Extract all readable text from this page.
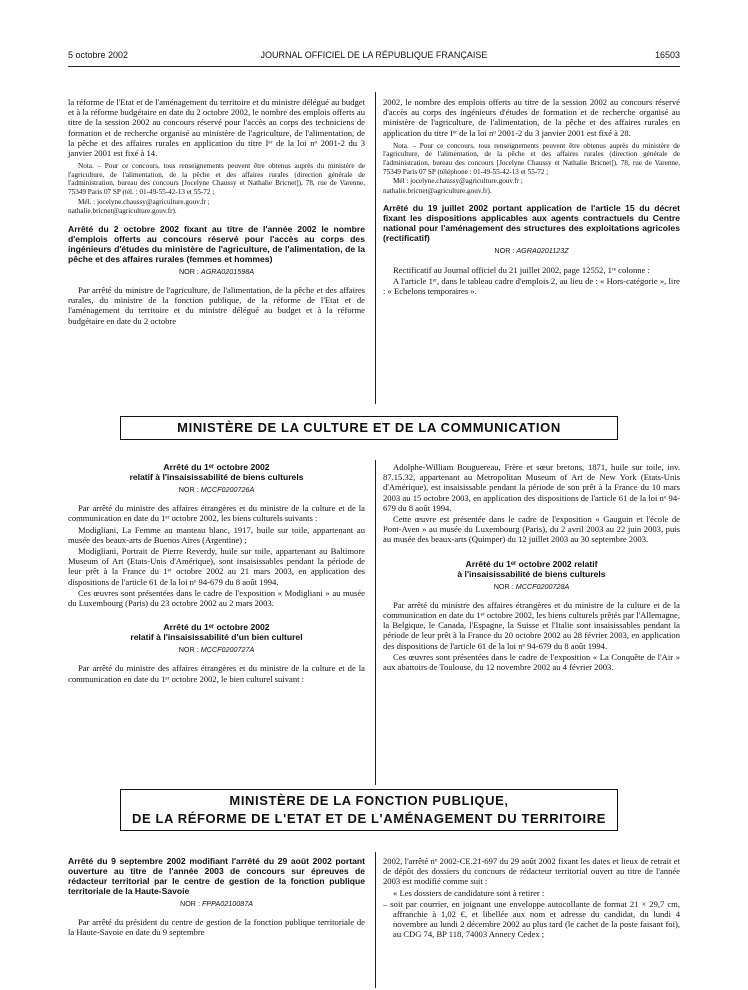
5 octobre 2002	JOURNAL OFFICIEL DE LA RÉPUBLIQUE FRANÇAISE	16503

la réforme de l'Etat et de l'aménagement du territoire et du ministre délégué au budget et à la réforme budgétaire en date du 2 octobre 2002, le nombre des emplois offerts au titre de la session 2002 au concours réservé pour l'accès au corps des techniciens de formation et de recherche organisé au ministère de l'agriculture, de l'alimentation, de la pêche et des affaires rurales en application du titre Iᵉʳ de la loi nᵒ 2001-2 du 3 janvier 2001 est fixé à 14.

Nota. – Pour ce concours, tous renseignements peuvent être obtenus auprès du ministère de l'agriculture, de l'alimentation, de la pêche et des affaires rurales (direction générale de l'administration, bureau des concours [Jocelyne Chaussy et Nathalie Bricnet]), 78, rue de Varenne, 75349 Paris 07 SP (tél. : 01-49-55-42-13 et 55-72 ;

Mél. : jocelyne.chaussy@agriculture.gouv.fr ;

nathalie.bricnet@agriculture.gouv.fr).

Arrêté du 2 octobre 2002 fixant au titre de l'année 2002 le nombre d'emplois offerts au concours réservé pour l'accès au corps des ingénieurs d'études du ministère de l'agriculture, de l'alimentation, de la pêche et des affaires rurales (femmes et hommes)
NOR : AGRA0201598A

Par arrêté du ministre de l'agriculture, de l'alimentation, de la pêche et des affaires rurales, du ministre de la fonction publique, de la réforme de l'Etat et de l'aménagement du territoire et du ministre délégué au budget et à la réforme budgétaire en date du 2 octobre

2002, le nombre des emplois offerts au titre de la session 2002 au concours réservé d'accès au corps des ingénieurs d'études de formation et de recherche organisé au ministère de l'agriculture, de l'alimentation, de la pêche et des affaires rurales en application du titre Iᵉʳ de la loi nᵒ 2001-2 du 3 janvier 2001 est fixé à 28.

Nota. – Pour ce concours, tous renseignements peuvent être obtenus auprès du ministère de l'agriculture, de l'alimentation, de la pêche et des affaires rurales (direction générale de l'administration, bureau des concours [Jocelyne Chaussy et Nathalie Bricnet]), 78, rue de Varenne, 75349 Paris 07 SP (téléphone : 01-49-55-42-13 et 55-72 ;

Mél : jocelyne.chaussy@agriculture.gouv.fr ;

nathalie.bricnet@agriculture.gouv.fr).

Arrêté du 19 juillet 2002 portant application de l'article 15 du décret fixant les dispositions applicables aux agents contractuels du Centre national pour l'aménagement des structures des exploitations agricoles (rectificatif)
NOR : AGRA0201123Z

Rectificatif au Journal officiel du 21 juillet 2002, page 12552, 1ʳᵉ colonne :

A l'article 1ᵉʳ, dans le tableau cadre d'emplois 2, au lieu de : « Hors-catégorie », lire : « Echelons temporaires ».

MINISTÈRE DE LA CULTURE ET DE LA COMMUNICATION
Arrêté du 1ᵉʳ octobre 2002
relatif à l'insaisissabilité de biens culturels
NOR : MCCF0200726A

Par arrêté du ministre des affaires étrangères et du ministre de la culture et de la communication en date du 1ᵉʳ octobre 2002, les biens culturels suivants :

Modigliani, La Femme au manteau blanc, 1917, huile sur toile, appartenant au musée des beaux-arts de Buenos Aires (Argentine) ;

Modigliani, Portrait de Pierre Reverdy, huile sur toile, appartenant au Baltimore Museum of Art (Etats-Unis d'Amérique), sont insaisissables pendant la période de leur prêt à la France du 1ᵉʳ octobre 2002 au 21 mars 2003, en application des dispositions de l'article 61 de la loi nᵒ 94-679 du 8 août 1994.

Ces œuvres sont présentées dans le cadre de l'exposition « Modigliani » au musée du Luxembourg (Paris) du 23 octobre 2002 au 2 mars 2003.

Arrêté du 1ᵉʳ octobre 2002
relatif à l'insaisissabilité d'un bien culturel
NOR : MCCF0200727A

Par arrêté du ministre des affaires étrangères et du ministre de la culture et de la communication en date du 1ᵉʳ octobre 2002, le bien culturel suivant :

Adolphe-William Bouguereau, Frère et sœur bretons, 1871, huile sur toile, inv. 87.15.32, appartenant au Metropolitan Museum of Art de New York (Etats-Unis d'Amérique), est insaisissable pendant la période de son prêt à la France du 10 mars 2003 au 15 octobre 2003, en application des dispositions de l'article 61 de la loi nᵒ 94-679 du 8 août 1994.

Cette œuvre est présentée dans le cadre de l'exposition « Gauguin et l'école de Pont-Aven » au musée du Luxembourg (Paris), du 2 avril 2003 au 22 juin 2003, puis au musée des beaux-arts (Quimper) du 12 juillet 2003 au 30 septembre 2003.

Arrêté du 1ᵉʳ octobre 2002 relatif
à l'insaisissabilité de biens culturels
NOR : MCCF0200728A

Par arrêté du ministre des affaires étrangères et du ministre de la culture et de la communication en date du 1ᵉʳ octobre 2002, les biens culturels prêtés par l'Allemagne, la Belgique, le Canada, l'Espagne, la Suisse et l'Italie sont insaisissables pendant la période de leur prêt à la France du 20 octobre 2002 au 28 février 2003, en application des dispositions de l'article 61 de la loi nᵒ 94-679 du 8 août 1994.

Ces œuvres sont présentées dans le cadre de l'exposition « La Conquête de l'Air » aux abattoirs de Toulouse, du 12 novembre 2002 au 4 février 2003.

MINISTÈRE DE LA FONCTION PUBLIQUE,
DE LA RÉFORME DE L'ETAT ET DE L'AMÉNAGEMENT DU TERRITOIRE
Arrêté du 9 septembre 2002 modifiant l'arrêté du 29 août 2002 portant ouverture au titre de l'année 2003 de concours sur épreuves de rédacteur territorial par le centre de gestion de la fonction publique territoriale de la Haute-Savoie
NOR : FPPA0210087A

Par arrêté du président du centre de gestion de la fonction publique territoriale de la Haute-Savoie en date du 9 septembre

2002, l'arrêté nᵒ 2002-CE.21-697 du 29 août 2002 fixant les dates et lieux de retrait et de dépôt des dossiers du concours de rédacteur territorial ouvert au titre de l'année 2003 est modifié comme suit :

« Les dossiers de candidature sont à retirer :

– soit par courrier, en joignant une enveloppe autocollante de format 21 × 29,7 cm, affranchie à 1,02 €, et libellée aux nom et adresse du candidat, du lundi 4 novembre au lundi 2 décembre 2002 au plus tard (le cachet de la poste faisant foi), au CDG 74, BP 118, 74003 Annecy Cedex ;
